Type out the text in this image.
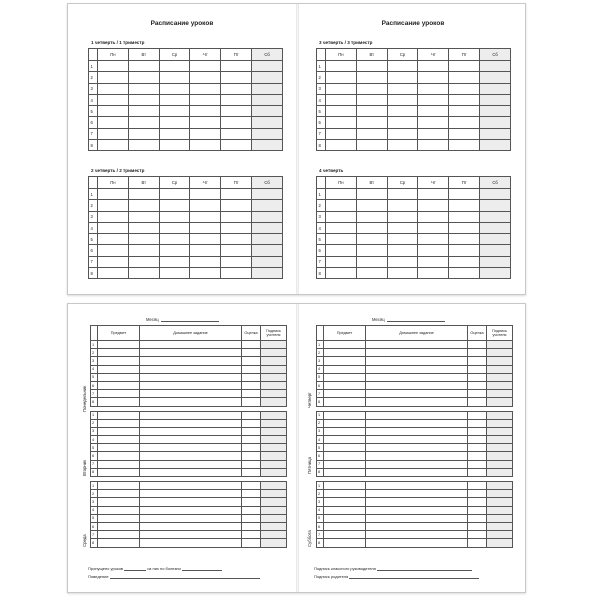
Расписание уроков
1 четверть / 1 триместр
	Пн	Вт	Ср	Чт	Пт	Сб
1						
2						
3						
4						
5						
6						
7						
8						
2 четверть / 2 триместр
	Пн	Вт	Ср	Чт	Пт	Сб
1						
2						
3						
4						
5						
6						
7						
8						
Расписание уроков
3 четверть / 3 триместр
	Пн	Вт	Ср	Чт	Пт	Сб
1						
2						
3						
4						
5						
6						
7						
8						
4 четверть
	Пн	Вт	Ср	Чт	Пт	Сб
1						
2						
3						
4						
5						
6						
7						
8						
Месяц
	Предмет	Домашнее задание	Оценка	Подпись учителя
1				
2				
3				
4				
5				
6				
7				
8				

1				
2				
3				
4				
5				
6				
7				
8				

1				
2				
3				
4				
5				
6				
7				
8				
Понедельник
Вторник
Среда
Пропущено уроков	из них по болезни
Поведение
Месяц
	Предмет	Домашнее задание	Оценка	Подпись учителя
1				
2				
3				
4				
5				
6				
7				
8				

1				
2				
3				
4				
5				
6				
7				
8				

1				
2				
3				
4				
5				
6				
7				
8				
Четверг
Пятница
Суббота
Подпись классного руководителя
Подпись родителя
